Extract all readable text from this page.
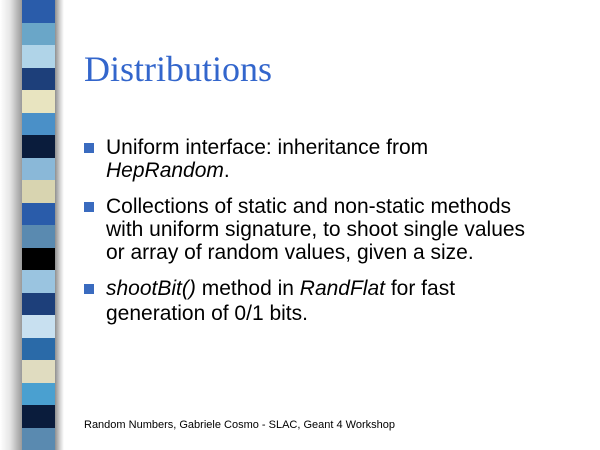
Distributions
Uniform interface: inheritance from
HepRandom.
Collections of static and non-static methods
with uniform signature, to shoot single values
or array of random values, given a size.
shootBit() method in RandFlat for fast
generation of 0/1 bits.
Random Numbers, Gabriele Cosmo - SLAC, Geant 4 Workshop
